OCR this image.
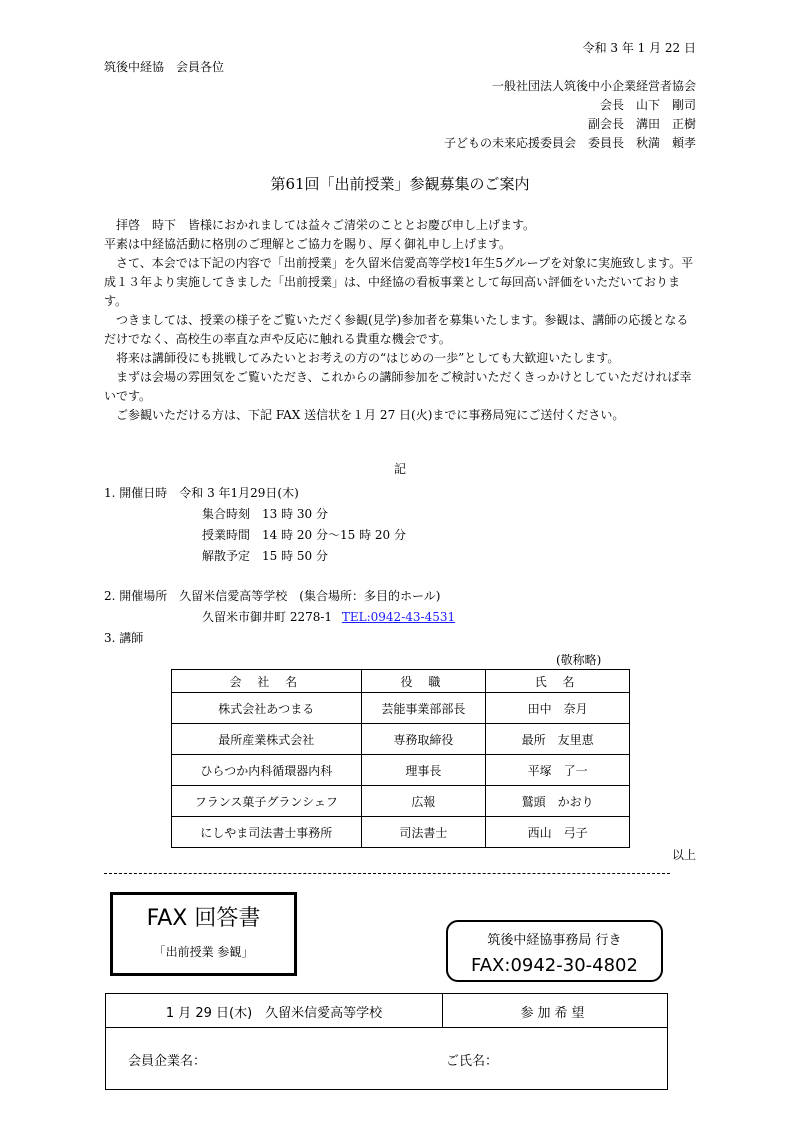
令和 3 年 1 月 22 日
筑後中経協　会員各位
一般社団法人筑後中小企業経営者協会
会長　山下　剛司
副会長　溝田　正樹
子どもの未来応援委員会　委員長　秋満　頼孝
第61回「出前授業」参観募集のご案内
拝啓　時下　皆様におかれましては益々ご清栄のこととお慶び申し上げます。
平素は中経協活動に格別のご理解とご協力を賜り、厚く御礼申し上げます。
さて、本会では下記の内容で「出前授業」を久留米信愛高等学校1年生5グループを対象に実施致します。平成１３年より実施してきました「出前授業」は、中経協の看板事業として毎回高い評価をいただいております。
つきましては、授業の様子をご覧いただく参観(見学)参加者を募集いたします。参観は、講師の応援となるだけでなく、高校生の率直な声や反応に触れる貴重な機会です。
将来は講師役にも挑戦してみたいとお考えの方の“はじめの一歩”としても大歓迎いたします。
まずは会場の雰囲気をご覧いただき、これからの講師参加をご検討いただくきっかけとしていただければ幸いです。
ご参観いただける方は、下記 FAX 送信状を１月 27 日(火)までに事務局宛にご送付ください。
記
1. 開催日時　令和 3 年1月29日(木)
集合時刻　13 時 30 分
授業時間　14 時 20 分～15 時 20 分
解散予定　15 時 50 分
2. 開催場所　久留米信愛高等学校　(集合場所：多目的ホール)
久留米市御井町 2278-1 TEL:0942-43-4531
3. 講師
(敬称略)
会 社 名	役 職	氏 名
株式会社あつまる	芸能事業部部長	田中　奈月
最所産業株式会社	専務取締役	最所　友里恵
ひらつか内科循環器内科	理事長	平塚　了一
フランス菓子グランシェフ	広報	鷲頭　かおり
にしやま司法書士事務所	司法書士	西山　弓子
以上
FAX 回答書
「出前授業 参観」
筑後中経協事務局 行き
FAX:0942-30-4802
1 月 29 日(木)　久留米信愛高等学校	参加希望
会員企業名：	ご氏名：
